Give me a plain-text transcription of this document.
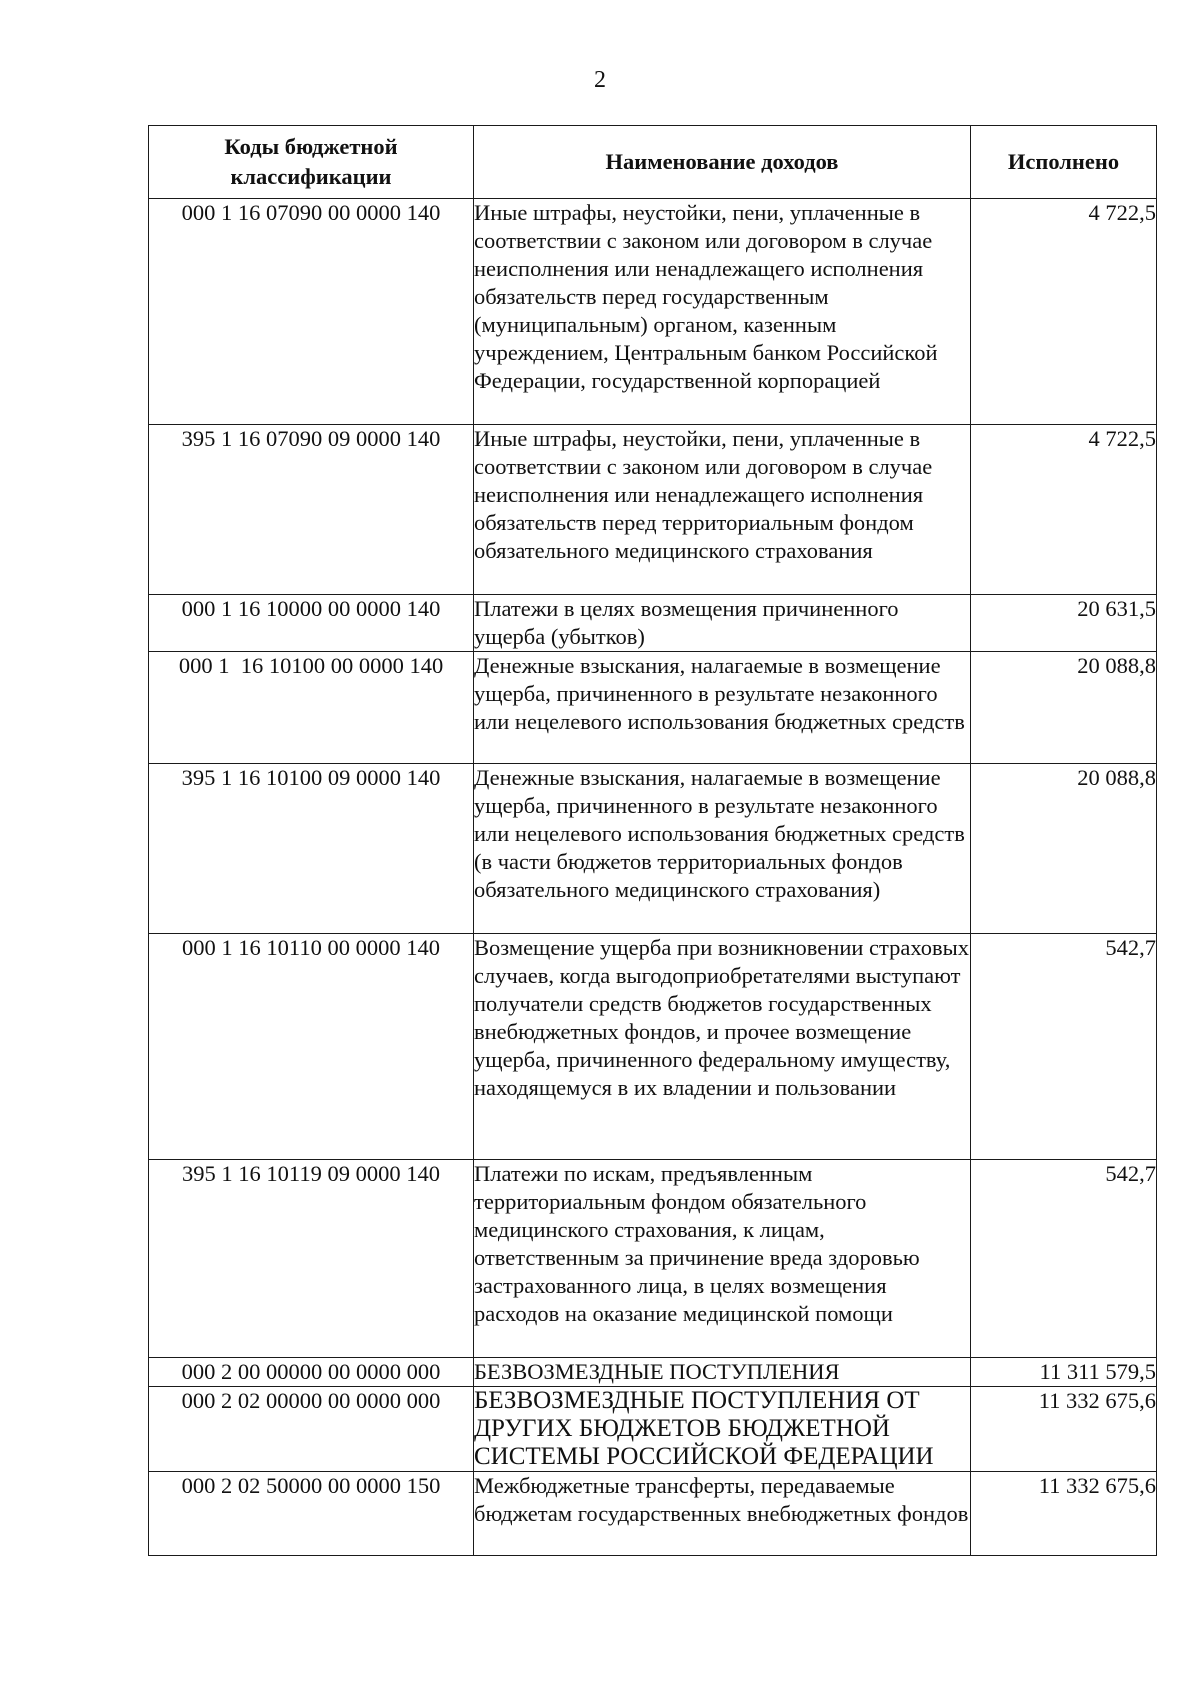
2
Коды бюджетной классификации	Наименование доходов	Исполнено
000 1 16 07090 00 0000 140	Иные штрафы, неустойки, пени, уплаченные в соответствии с законом или договором в случае неисполнения или ненадлежащего исполнения обязательств перед государственным (муниципальным) органом, казенным учреждением, Центральным банком Российской Федерации, государственной корпорацией	4 722,5
395 1 16 07090 09 0000 140	Иные штрафы, неустойки, пени, уплаченные в соответствии с законом или договором в случае неисполнения или ненадлежащего исполнения обязательств перед территориальным фондом обязательного медицинского страхования	4 722,5
000 1 16 10000 00 0000 140	Платежи в целях возмещения причиненного ущерба (убытков)	20 631,5
000 1  16 10100 00 0000 140	Денежные взыскания, налагаемые в возмещение ущерба, причиненного в результате незаконного или нецелевого использования бюджетных средств	20 088,8
395 1 16 10100 09 0000 140	Денежные взыскания, налагаемые в возмещение ущерба, причиненного в результате незаконного или нецелевого использования бюджетных средств (в части бюджетов территориальных фондов обязательного медицинского страхования)	20 088,8
000 1 16 10110 00 0000 140	Возмещение ущерба при возникновении страховых случаев, когда выгодоприобретателями выступают получатели средств бюджетов государственных внебюджетных фондов, и прочее возмещение ущерба, причиненного федеральному имуществу, находящемуся в их владении и пользовании	542,7
395 1 16 10119 09 0000 140	Платежи по искам, предъявленным территориальным фондом обязательного медицинского страхования, к лицам, ответственным за причинение вреда здоровью застрахованного лица, в целях возмещения расходов на оказание медицинской помощи	542,7
000 2 00 00000 00 0000 000	БЕЗВОЗМЕЗДНЫЕ ПОСТУПЛЕНИЯ	11 311 579,5
000 2 02 00000 00 0000 000	БЕЗВОЗМЕЗДНЫЕ ПОСТУПЛЕНИЯ ОТ ДРУГИХ БЮДЖЕТОВ БЮДЖЕТНОЙ СИСТЕМЫ РОССИЙСКОЙ ФЕДЕРАЦИИ	11 332 675,6
000 2 02 50000 00 0000 150	Межбюджетные трансферты, передаваемые бюджетам государственных внебюджетных фондов	11 332 675,6
